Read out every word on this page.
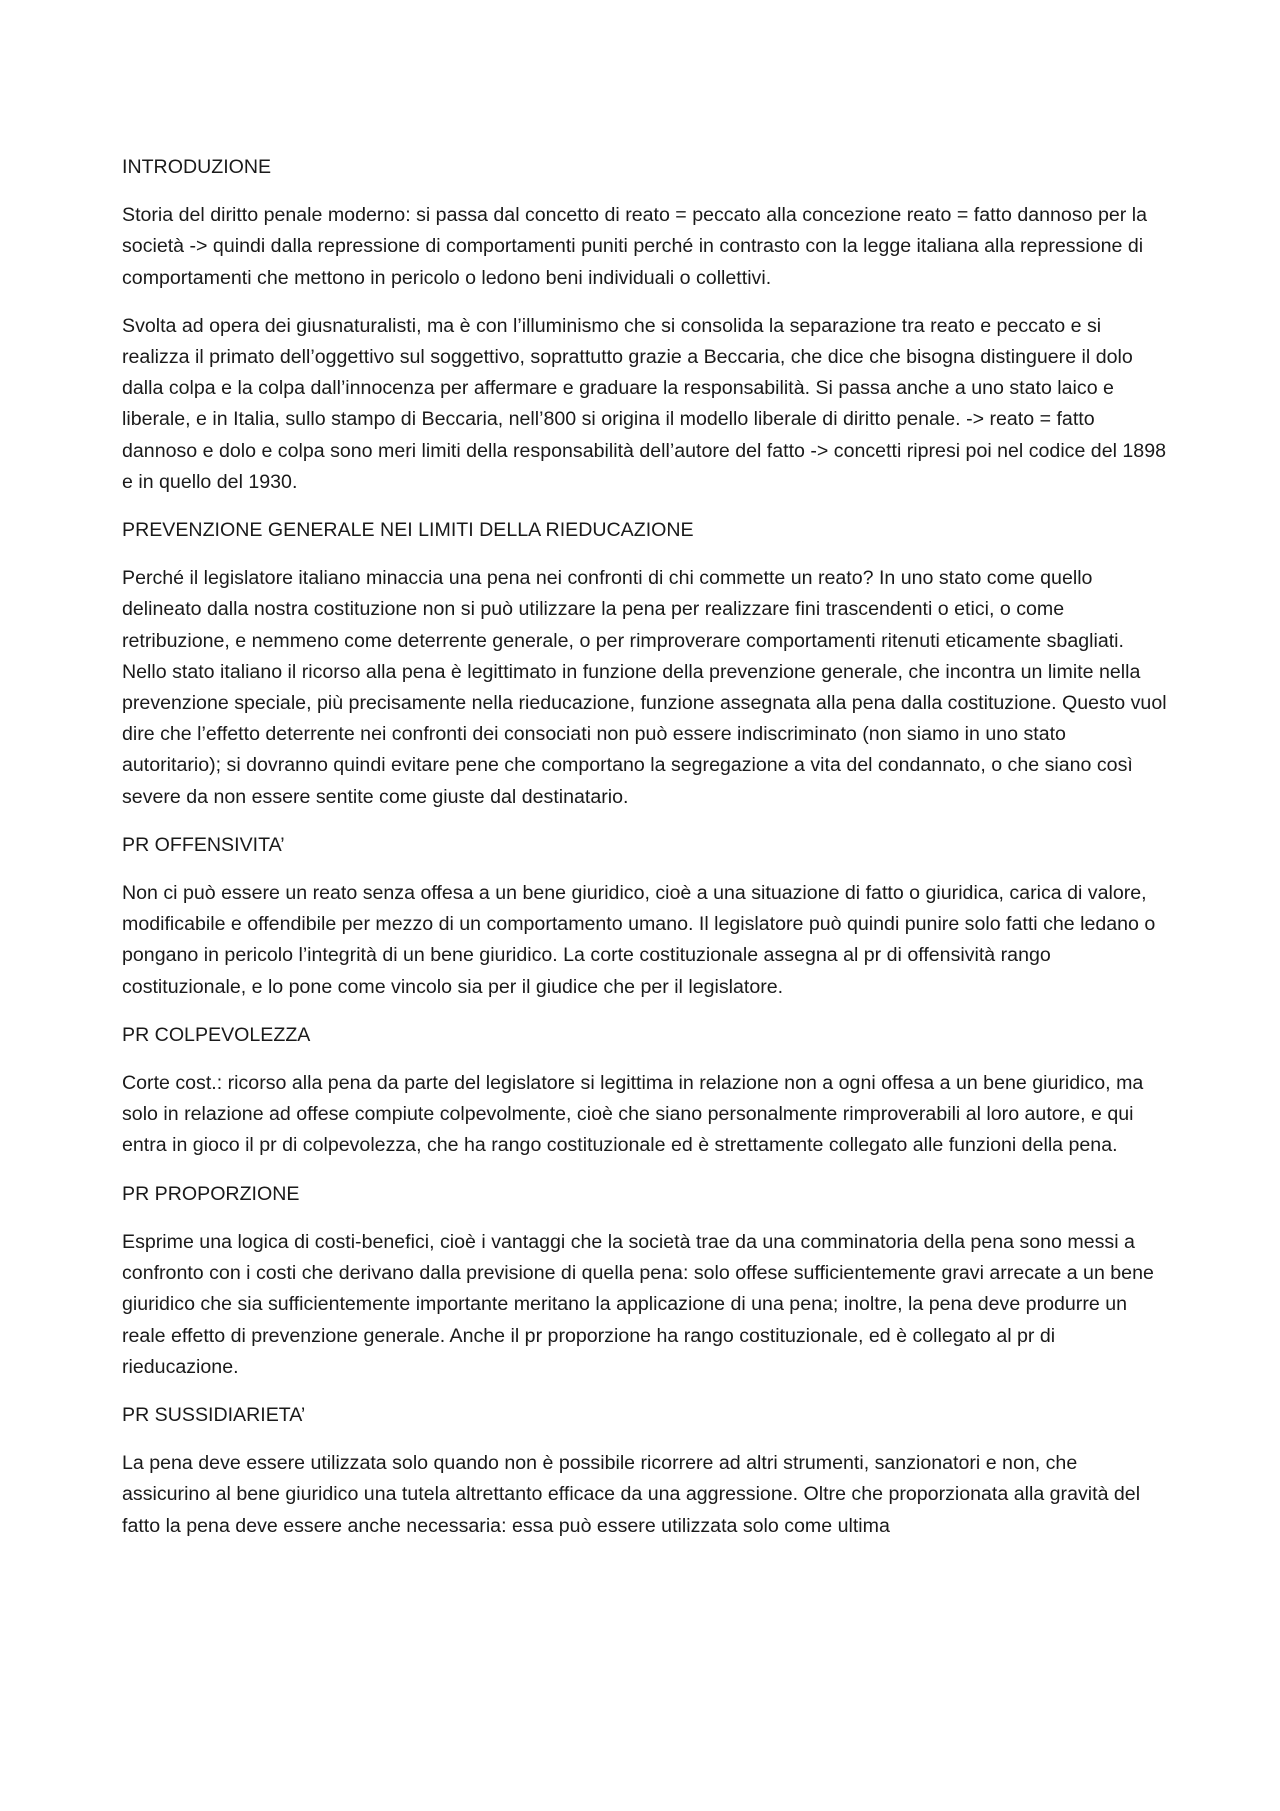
INTRODUZIONE

Storia del diritto penale moderno: si passa dal concetto di reato = peccato alla concezione reato = fatto dannoso per la società -> quindi dalla repressione di comportamenti puniti perché in contrasto con la legge italiana alla repressione di comportamenti che mettono in pericolo o ledono beni individuali o collettivi.

Svolta ad opera dei giusnaturalisti, ma è con l’illuminismo che si consolida la separazione tra reato e peccato e si realizza il primato dell’oggettivo sul soggettivo, soprattutto grazie a Beccaria, che dice che bisogna distinguere il dolo dalla colpa e la colpa dall’innocenza per affermare e graduare la responsabilità. Si passa anche a uno stato laico e liberale, e in Italia, sullo stampo di Beccaria, nell’800 si origina il modello liberale di diritto penale. -> reato = fatto dannoso e dolo e colpa sono meri limiti della responsabilità dell’autore del fatto -> concetti ripresi poi nel codice del 1898 e in quello del 1930.

PREVENZIONE GENERALE NEI LIMITI DELLA RIEDUCAZIONE

Perché il legislatore italiano minaccia una pena nei confronti di chi commette un reato? In uno stato come quello delineato dalla nostra costituzione non si può utilizzare la pena per realizzare fini trascendenti o etici, o come retribuzione, e nemmeno come deterrente generale, o per rimproverare comportamenti ritenuti eticamente sbagliati. Nello stato italiano il ricorso alla pena è legittimato in funzione della prevenzione generale, che incontra un limite nella prevenzione speciale, più precisamente nella rieducazione, funzione assegnata alla pena dalla costituzione. Questo vuol dire che l’effetto deterrente nei confronti dei consociati non può essere indiscriminato (non siamo in uno stato autoritario); si dovranno quindi evitare pene che comportano la segregazione a vita del condannato, o che siano così severe da non essere sentite come giuste dal destinatario.

PR OFFENSIVITA’

Non ci può essere un reato senza offesa a un bene giuridico, cioè a una situazione di fatto o giuridica, carica di valore, modificabile e offendibile per mezzo di un comportamento umano. Il legislatore può quindi punire solo fatti che ledano o pongano in pericolo l’integrità di un bene giuridico. La corte costituzionale assegna al pr di offensività rango costituzionale, e lo pone come vincolo sia per il giudice che per il legislatore.

PR COLPEVOLEZZA

Corte cost.: ricorso alla pena da parte del legislatore si legittima in relazione non a ogni offesa a un bene giuridico, ma solo in relazione ad offese compiute colpevolmente, cioè che siano personalmente rimproverabili al loro autore, e qui entra in gioco il pr di colpevolezza, che ha rango costituzionale ed è strettamente collegato alle funzioni della pena.

PR PROPORZIONE

Esprime una logica di costi-benefici, cioè i vantaggi che la società trae da una comminatoria della pena sono messi a confronto con i costi che derivano dalla previsione di quella pena: solo offese sufficientemente gravi arrecate a un bene giuridico che sia sufficientemente importante meritano la applicazione di una pena; inoltre, la pena deve produrre un reale effetto di prevenzione generale. Anche il pr proporzione ha rango costituzionale, ed è collegato al pr di rieducazione.

PR SUSSIDIARIETA’

La pena deve essere utilizzata solo quando non è possibile ricorrere ad altri strumenti, sanzionatori e non, che assicurino al bene giuridico una tutela altrettanto efficace da una aggressione. Oltre che proporzionata alla gravità del fatto la pena deve essere anche necessaria: essa può essere utilizzata solo come ultima
